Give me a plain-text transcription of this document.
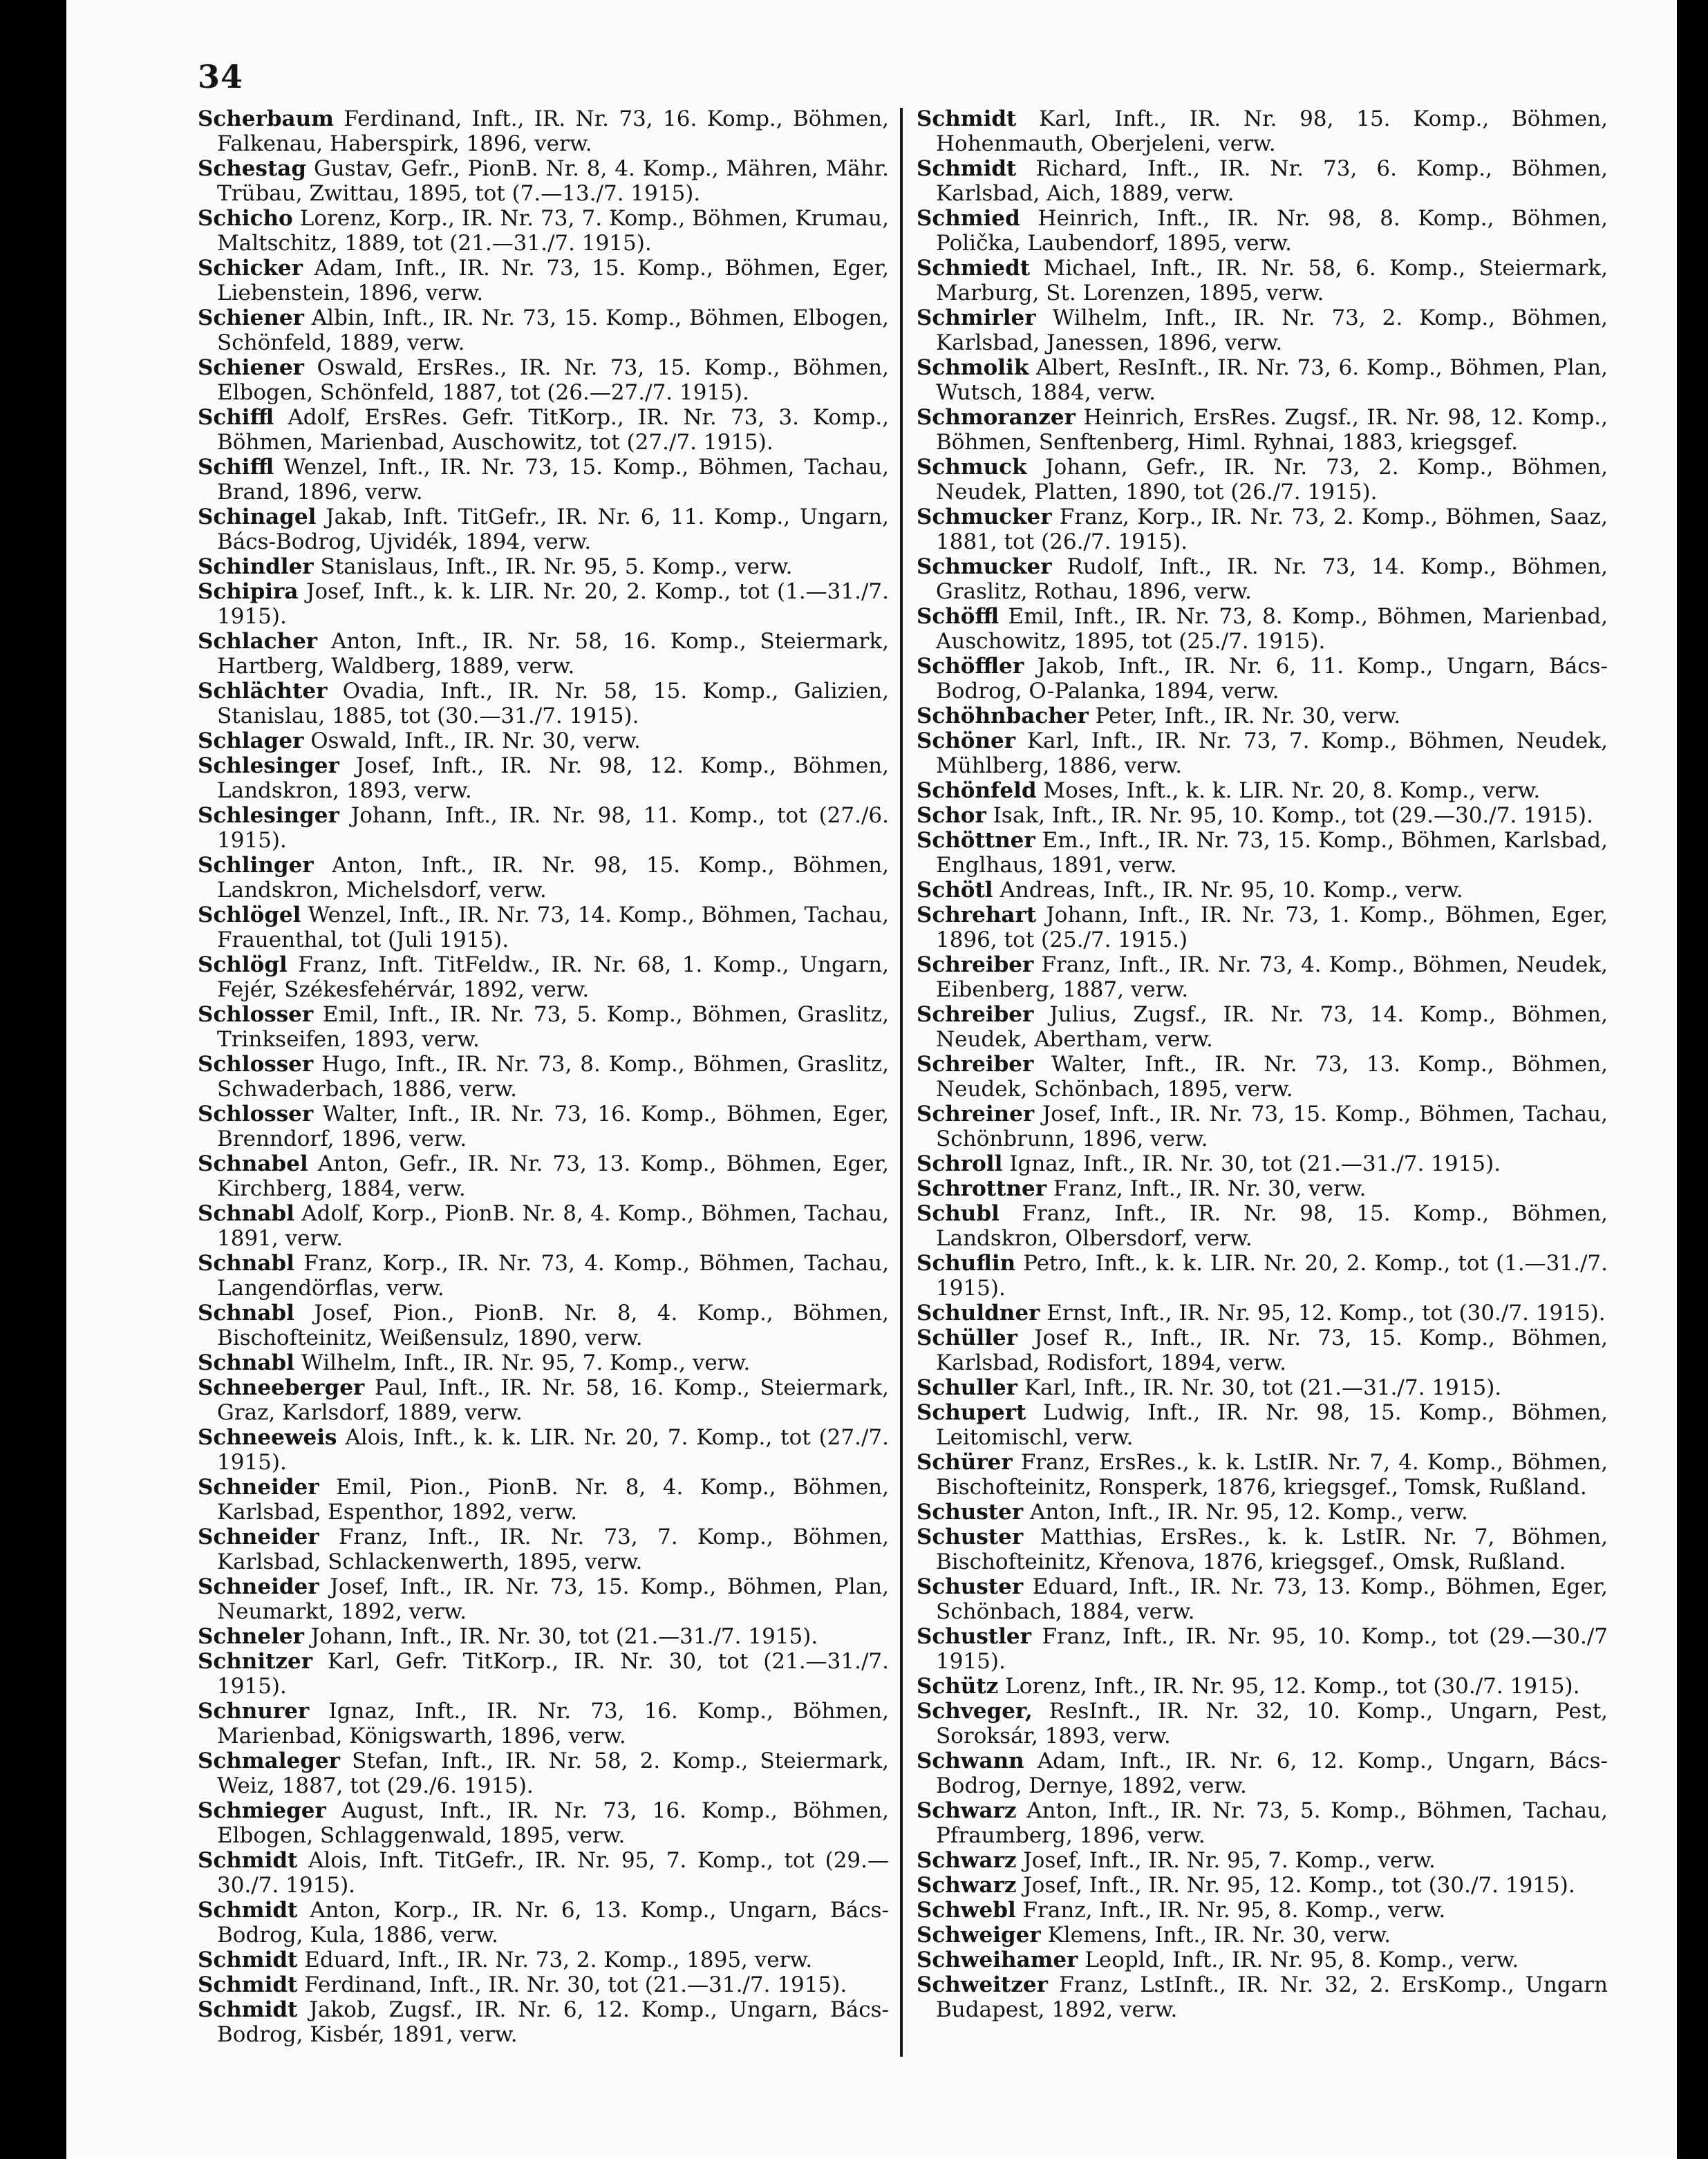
34
Scherbaum Ferdinand, Inft., IR. Nr. 73, 16. Komp., Böhmen, Falkenau, Haberspirk, 1896, verw.
Schestag Gustav, Gefr., PionB. Nr. 8, 4. Komp., Mähren, Mähr. Trübau, Zwittau, 1895, tot (7.—13./7. 1915).
Schicho Lorenz, Korp., IR. Nr. 73, 7. Komp., Böhmen, Krumau, Maltschitz, 1889, tot (21.—31./7. 1915).
Schicker Adam, Inft., IR. Nr. 73, 15. Komp., Böhmen, Eger, Liebenstein, 1896, verw.
Schiener Albin, Inft., IR. Nr. 73, 15. Komp., Böhmen, Elbogen, Schönfeld, 1889, verw.
Schiener Oswald, ErsRes., IR. Nr. 73, 15. Komp., Böhmen, Elbogen, Schönfeld, 1887, tot (26.—27./7. 1915).
Schiffl Adolf, ErsRes. Gefr. TitKorp., IR. Nr. 73, 3. Komp., Böhmen, Marienbad, Auschowitz, tot (27./7. 1915).
Schiffl Wenzel, Inft., IR. Nr. 73, 15. Komp., Böhmen, Tachau, Brand, 1896, verw.
Schinagel Jakab, Inft. TitGefr., IR. Nr. 6, 11. Komp., Ungarn, Bács-Bodrog, Ujvidék, 1894, verw.
Schindler Stanislaus, Inft., IR. Nr. 95, 5. Komp., verw.
Schipira Josef, Inft., k. k. LIR. Nr. 20, 2. Komp., tot (1.—31./7. 1915).
Schlacher Anton, Inft., IR. Nr. 58, 16. Komp., Steiermark, Hartberg, Waldberg, 1889, verw.
Schlächter Ovadia, Inft., IR. Nr. 58, 15. Komp., Galizien, Stanislau, 1885, tot (30.—31./7. 1915).
Schlager Oswald, Inft., IR. Nr. 30, verw.
Schlesinger Josef, Inft., IR. Nr. 98, 12. Komp., Böhmen, Landskron, 1893, verw.
Schlesinger Johann, Inft., IR. Nr. 98, 11. Komp., tot (27./6. 1915).
Schlinger Anton, Inft., IR. Nr. 98, 15. Komp., Böhmen, Landskron, Michelsdorf, verw.
Schlögel Wenzel, Inft., IR. Nr. 73, 14. Komp., Böhmen, Tachau, Frauenthal, tot (Juli 1915).
Schlögl Franz, Inft. TitFeldw., IR. Nr. 68, 1. Komp., Ungarn, Fejér, Székesfehérvár, 1892, verw.
Schlosser Emil, Inft., IR. Nr. 73, 5. Komp., Böhmen, Graslitz, Trinkseifen, 1893, verw.
Schlosser Hugo, Inft., IR. Nr. 73, 8. Komp., Böhmen, Graslitz, Schwaderbach, 1886, verw.
Schlosser Walter, Inft., IR. Nr. 73, 16. Komp., Böhmen, Eger, Brenndorf, 1896, verw.
Schnabel Anton, Gefr., IR. Nr. 73, 13. Komp., Böhmen, Eger, Kirchberg, 1884, verw.
Schnabl Adolf, Korp., PionB. Nr. 8, 4. Komp., Böhmen, Tachau, 1891, verw.
Schnabl Franz, Korp., IR. Nr. 73, 4. Komp., Böhmen, Tachau, Langendörflas, verw.
Schnabl Josef, Pion., PionB. Nr. 8, 4. Komp., Böhmen, Bischofteinitz, Weißensulz, 1890, verw.
Schnabl Wilhelm, Inft., IR. Nr. 95, 7. Komp., verw.
Schneeberger Paul, Inft., IR. Nr. 58, 16. Komp., Steiermark, Graz, Karlsdorf, 1889, verw.
Schneeweis Alois, Inft., k. k. LIR. Nr. 20, 7. Komp., tot (27./7. 1915).
Schneider Emil, Pion., PionB. Nr. 8, 4. Komp., Böhmen, Karlsbad, Espenthor, 1892, verw.
Schneider Franz, Inft., IR. Nr. 73, 7. Komp., Böhmen, Karlsbad, Schlackenwerth, 1895, verw.
Schneider Josef, Inft., IR. Nr. 73, 15. Komp., Böhmen, Plan, Neumarkt, 1892, verw.
Schneler Johann, Inft., IR. Nr. 30, tot (21.—31./7. 1915).
Schnitzer Karl, Gefr. TitKorp., IR. Nr. 30, tot (21.—31./7. 1915).
Schnurer Ignaz, Inft., IR. Nr. 73, 16. Komp., Böhmen, Marienbad, Königswarth, 1896, verw.
Schmaleger Stefan, Inft., IR. Nr. 58, 2. Komp., Steiermark, Weiz, 1887, tot (29./6. 1915).
Schmieger August, Inft., IR. Nr. 73, 16. Komp., Böhmen, Elbogen, Schlaggenwald, 1895, verw.
Schmidt Alois, Inft. TitGefr., IR. Nr. 95, 7. Komp., tot (29.—30./7. 1915).
Schmidt Anton, Korp., IR. Nr. 6, 13. Komp., Ungarn, Bács-Bodrog, Kula, 1886, verw.
Schmidt Eduard, Inft., IR. Nr. 73, 2. Komp., 1895, verw.
Schmidt Ferdinand, Inft., IR. Nr. 30, tot (21.—31./7. 1915).
Schmidt Jakob, Zugsf., IR. Nr. 6, 12. Komp., Ungarn, Bács-Bodrog, Kisbér, 1891, verw.
Schmidt Karl, Inft., IR. Nr. 98, 15. Komp., Böhmen, Hohenmauth, Oberjeleni, verw.
Schmidt Richard, Inft., IR. Nr. 73, 6. Komp., Böhmen, Karlsbad, Aich, 1889, verw.
Schmied Heinrich, Inft., IR. Nr. 98, 8. Komp., Böhmen, Polička, Laubendorf, 1895, verw.
Schmiedt Michael, Inft., IR. Nr. 58, 6. Komp., Steiermark, Marburg, St. Lorenzen, 1895, verw.
Schmirler Wilhelm, Inft., IR. Nr. 73, 2. Komp., Böhmen, Karlsbad, Janessen, 1896, verw.
Schmolik Albert, ResInft., IR. Nr. 73, 6. Komp., Böhmen, Plan, Wutsch, 1884, verw.
Schmoranzer Heinrich, ErsRes. Zugsf., IR. Nr. 98, 12. Komp., Böhmen, Senftenberg, Himl. Ryhnai, 1883, kriegsgef.
Schmuck Johann, Gefr., IR. Nr. 73, 2. Komp., Böhmen, Neudek, Platten, 1890, tot (26./7. 1915).
Schmucker Franz, Korp., IR. Nr. 73, 2. Komp., Böhmen, Saaz, 1881, tot (26./7. 1915).
Schmucker Rudolf, Inft., IR. Nr. 73, 14. Komp., Böhmen, Graslitz, Rothau, 1896, verw.
Schöffl Emil, Inft., IR. Nr. 73, 8. Komp., Böhmen, Marienbad, Auschowitz, 1895, tot (25./7. 1915).
Schöffler Jakob, Inft., IR. Nr. 6, 11. Komp., Ungarn, Bács-Bodrog, O-Palanka, 1894, verw.
Schöhnbacher Peter, Inft., IR. Nr. 30, verw.
Schöner Karl, Inft., IR. Nr. 73, 7. Komp., Böhmen, Neudek, Mühlberg, 1886, verw.
Schönfeld Moses, Inft., k. k. LIR. Nr. 20, 8. Komp., verw.
Schor Isak, Inft., IR. Nr. 95, 10. Komp., tot (29.—30./7. 1915).
Schöttner Em., Inft., IR. Nr. 73, 15. Komp., Böhmen, Karlsbad, Englhaus, 1891, verw.
Schötl Andreas, Inft., IR. Nr. 95, 10. Komp., verw.
Schrehart Johann, Inft., IR. Nr. 73, 1. Komp., Böhmen, Eger, 1896, tot (25./7. 1915.)
Schreiber Franz, Inft., IR. Nr. 73, 4. Komp., Böhmen, Neudek, Eibenberg, 1887, verw.
Schreiber Julius, Zugsf., IR. Nr. 73, 14. Komp., Böhmen, Neudek, Abertham, verw.
Schreiber Walter, Inft., IR. Nr. 73, 13. Komp., Böhmen, Neudek, Schönbach, 1895, verw.
Schreiner Josef, Inft., IR. Nr. 73, 15. Komp., Böhmen, Tachau, Schönbrunn, 1896, verw.
Schroll Ignaz, Inft., IR. Nr. 30, tot (21.—31./7. 1915).
Schrottner Franz, Inft., IR. Nr. 30, verw.
Schubl Franz, Inft., IR. Nr. 98, 15. Komp., Böhmen, Landskron, Olbersdorf, verw.
Schuflin Petro, Inft., k. k. LIR. Nr. 20, 2. Komp., tot (1.—31./7. 1915).
Schuldner Ernst, Inft., IR. Nr. 95, 12. Komp., tot (30./7. 1915).
Schüller Josef R., Inft., IR. Nr. 73, 15. Komp., Böhmen, Karlsbad, Rodisfort, 1894, verw.
Schuller Karl, Inft., IR. Nr. 30, tot (21.—31./7. 1915).
Schupert Ludwig, Inft., IR. Nr. 98, 15. Komp., Böhmen, Leitomischl, verw.
Schürer Franz, ErsRes., k. k. LstIR. Nr. 7, 4. Komp., Böhmen, Bischofteinitz, Ronsperk, 1876, kriegsgef., Tomsk, Rußland.
Schuster Anton, Inft., IR. Nr. 95, 12. Komp., verw.
Schuster Matthias, ErsRes., k. k. LstIR. Nr. 7, Böhmen, Bischofteinitz, Křenova, 1876, kriegsgef., Omsk, Rußland.
Schuster Eduard, Inft., IR. Nr. 73, 13. Komp., Böhmen, Eger, Schönbach, 1884, verw.
Schustler Franz, Inft., IR. Nr. 95, 10. Komp., tot (29.—30./7 1915).
Schütz Lorenz, Inft., IR. Nr. 95, 12. Komp., tot (30./7. 1915).
Schveger, ResInft., IR. Nr. 32, 10. Komp., Ungarn, Pest, Soroksár, 1893, verw.
Schwann Adam, Inft., IR. Nr. 6, 12. Komp., Ungarn, Bács-Bodrog, Dernye, 1892, verw.
Schwarz Anton, Inft., IR. Nr. 73, 5. Komp., Böhmen, Tachau, Pfraumberg, 1896, verw.
Schwarz Josef, Inft., IR. Nr. 95, 7. Komp., verw.
Schwarz Josef, Inft., IR. Nr. 95, 12. Komp., tot (30./7. 1915).
Schwebl Franz, Inft., IR. Nr. 95, 8. Komp., verw.
Schweiger Klemens, Inft., IR. Nr. 30, verw.
Schweihamer Leopld, Inft., IR. Nr. 95, 8. Komp., verw.
Schweitzer Franz, LstInft., IR. Nr. 32, 2. ErsKomp., Ungarn Budapest, 1892, verw.
